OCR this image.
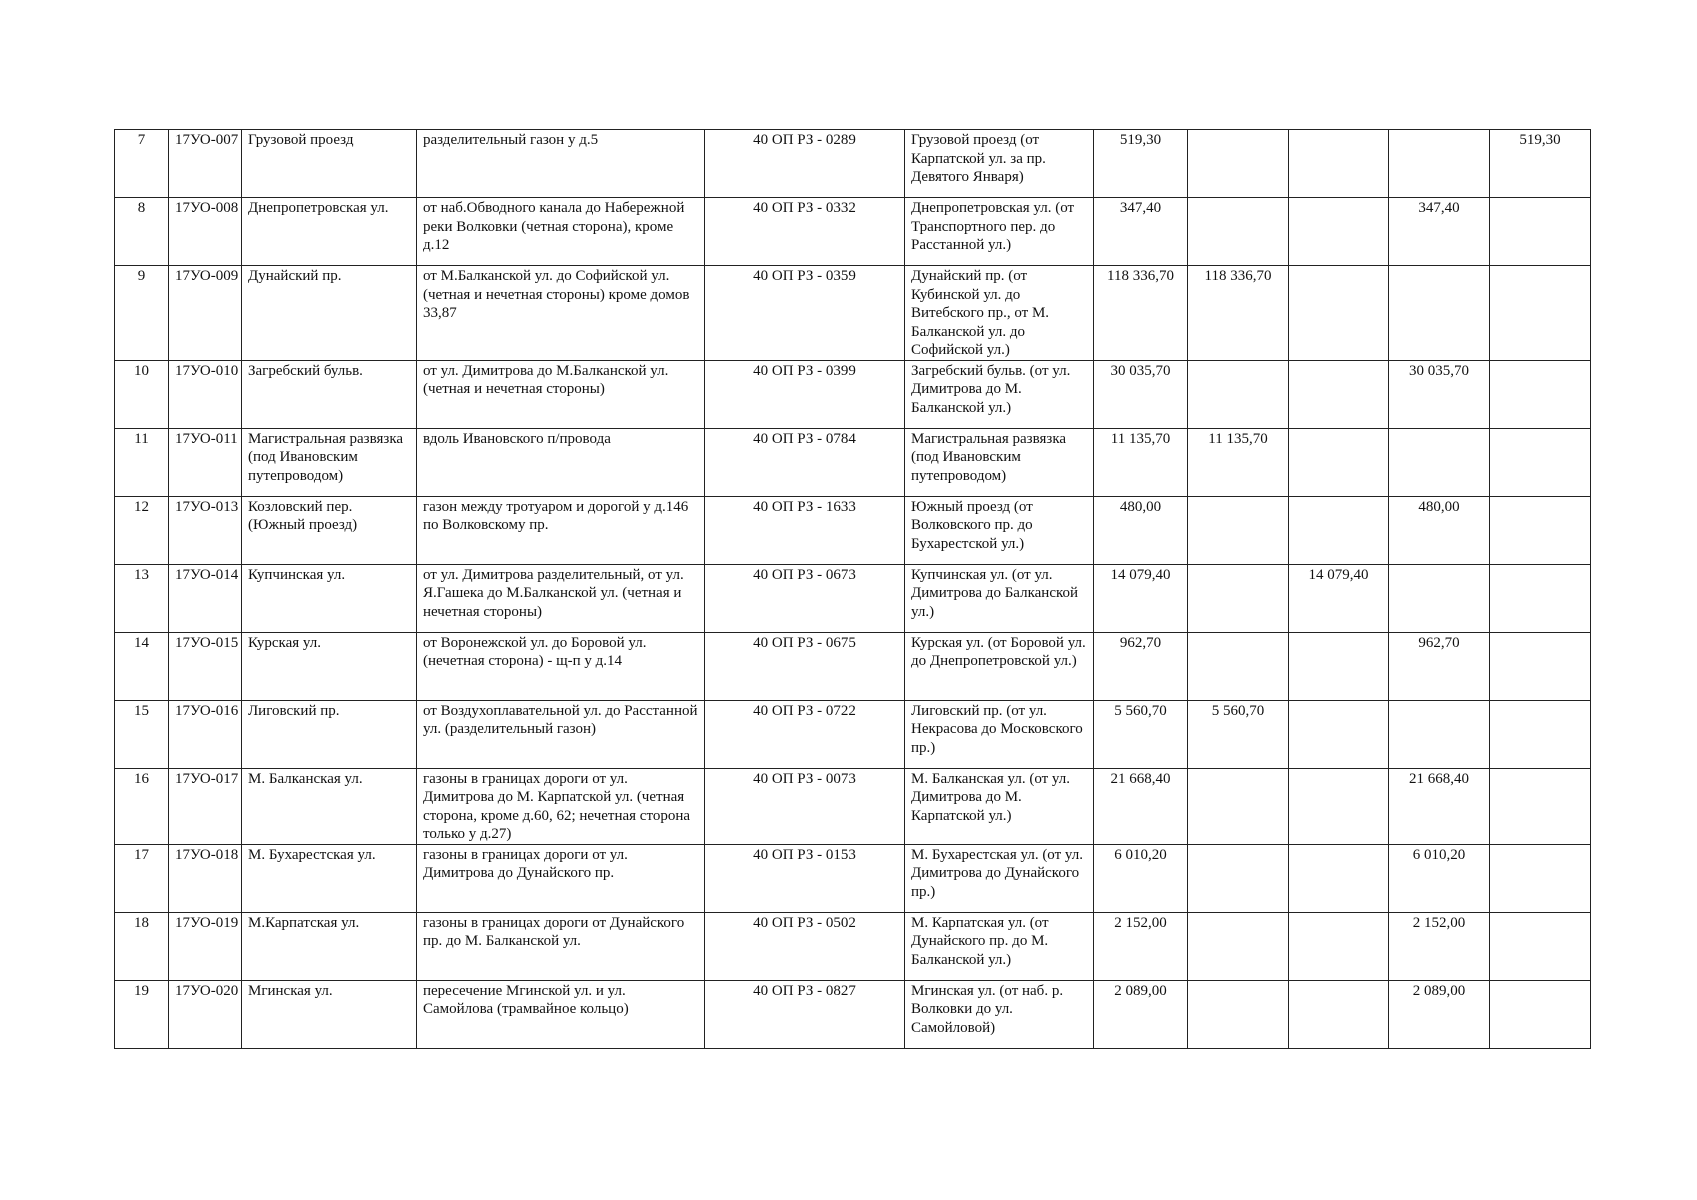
7	17УО-007	Грузовой проезд	разделительный газон у д.5	40 ОП РЗ - 0289	Грузовой проезд (от Карпатской ул. за пр. Девятого Января)	519,30				519,30
8	17УО-008	Днепропетровская ул.	от наб.Обводного канала до Набережной реки Волковки (четная сторона), кроме д.12	40 ОП РЗ - 0332	Днепропетровская ул. (от Транспортного пер. до Расстанной ул.)	347,40			347,40	
9	17УО-009	Дунайский пр.	от М.Балканской ул. до Софийской ул. (четная и нечетная стороны) кроме домов 33,87	40 ОП РЗ - 0359	Дунайский пр. (от Кубинской ул. до Витебского пр., от М. Балканской ул. до Софийской ул.)	118 336,70	118 336,70			
10	17УО-010	Загребский бульв.	от ул. Димитрова до М.Балканской ул. (четная и нечетная стороны)	40 ОП РЗ - 0399	Загребский бульв. (от ул. Димитрова до М. Балканской ул.)	30 035,70			30 035,70	
11	17УО-011	Магистральная развязка (под Ивановским путепроводом)	вдоль Ивановского п/провода	40 ОП РЗ - 0784	Магистральная развязка (под Ивановским путепроводом)	11 135,70	11 135,70			
12	17УО-013	Козловский пер. (Южный проезд)	газон между тротуаром и дорогой у д.146 по Волковскому пр.	40 ОП РЗ - 1633	Южный проезд (от Волковского пр. до Бухарестской ул.)	480,00			480,00	
13	17УО-014	Купчинская ул.	от ул. Димитрова разделительный, от ул. Я.Гашека до М.Балканской ул. (четная и нечетная стороны)	40 ОП РЗ - 0673	Купчинская ул. (от ул. Димитрова до Балканской ул.)	14 079,40		14 079,40		
14	17УО-015	Курская ул.	от Воронежской ул. до Боровой ул. (нечетная сторона) - щ-п у д.14	40 ОП РЗ - 0675	Курская ул. (от Боровой ул. до Днепропетровской ул.)	962,70			962,70	
15	17УО-016	Лиговский пр.	от Воздухоплавательной ул. до Расстанной ул. (разделительный газон)	40 ОП РЗ - 0722	Лиговский пр. (от ул. Некрасова до Московского пр.)	5 560,70	5 560,70			
16	17УО-017	М. Балканская ул.	газоны в границах дороги от ул. Димитрова до М. Карпатской ул. (четная сторона, кроме д.60, 62; нечетная сторона только у д.27)	40 ОП РЗ - 0073	М. Балканская ул. (от ул. Димитрова до М. Карпатской ул.)	21 668,40			21 668,40	
17	17УО-018	М. Бухарестская ул.	газоны в границах дороги от ул. Димитрова до Дунайского пр.	40 ОП РЗ - 0153	М. Бухарестская ул. (от ул. Димитрова до Дунайского пр.)	6 010,20			6 010,20	
18	17УО-019	М.Карпатская ул.	газоны в границах дороги от Дунайского пр. до М. Балканской ул.	40 ОП РЗ - 0502	М. Карпатская ул. (от Дунайского пр. до М. Балканской ул.)	2 152,00			2 152,00	
19	17УО-020	Мгинская ул.	пересечение Мгинской ул. и ул. Самойлова (трамвайное кольцо)	40 ОП РЗ - 0827	Мгинская ул. (от наб. р. Волковки до ул. Самойловой)	2 089,00			2 089,00	
